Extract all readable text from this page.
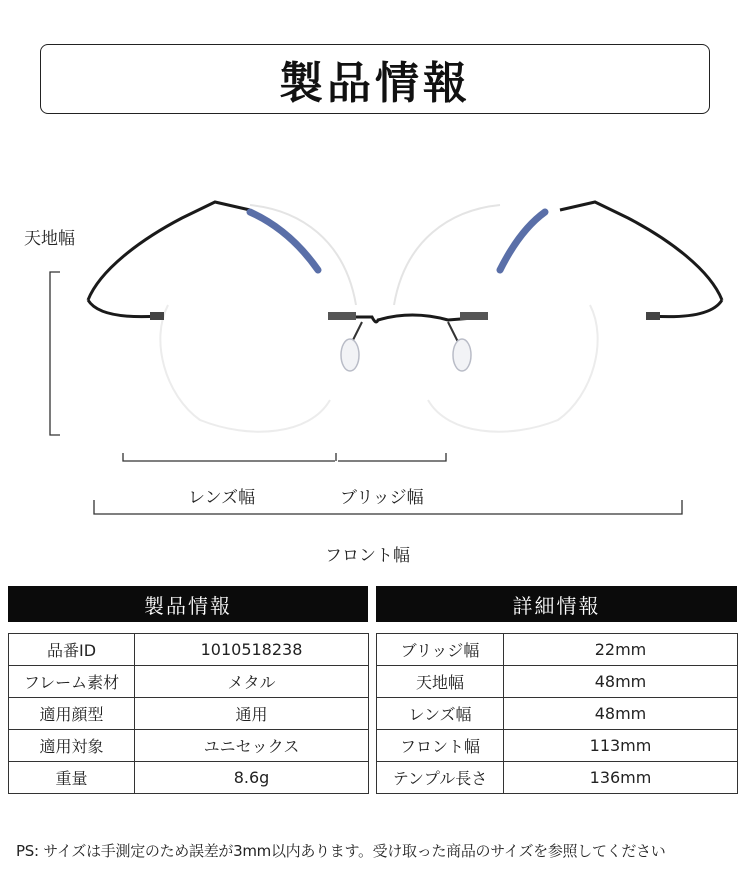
製品情報
天地幅
レンズ幅	ブリッジ幅
フロント幅
製品情報
品番ID	1010518238
フレーム素材	メタル
適用顔型	通用
適用対象	ユニセックス
重量	8.6g
詳細情報
ブリッジ幅	22mm
天地幅	48mm
レンズ幅	48mm
フロント幅	113mm
テンプル長さ	136mm
PS: サイズは手測定のため誤差が3mm以内あります。受け取った商品のサイズを参照してください
